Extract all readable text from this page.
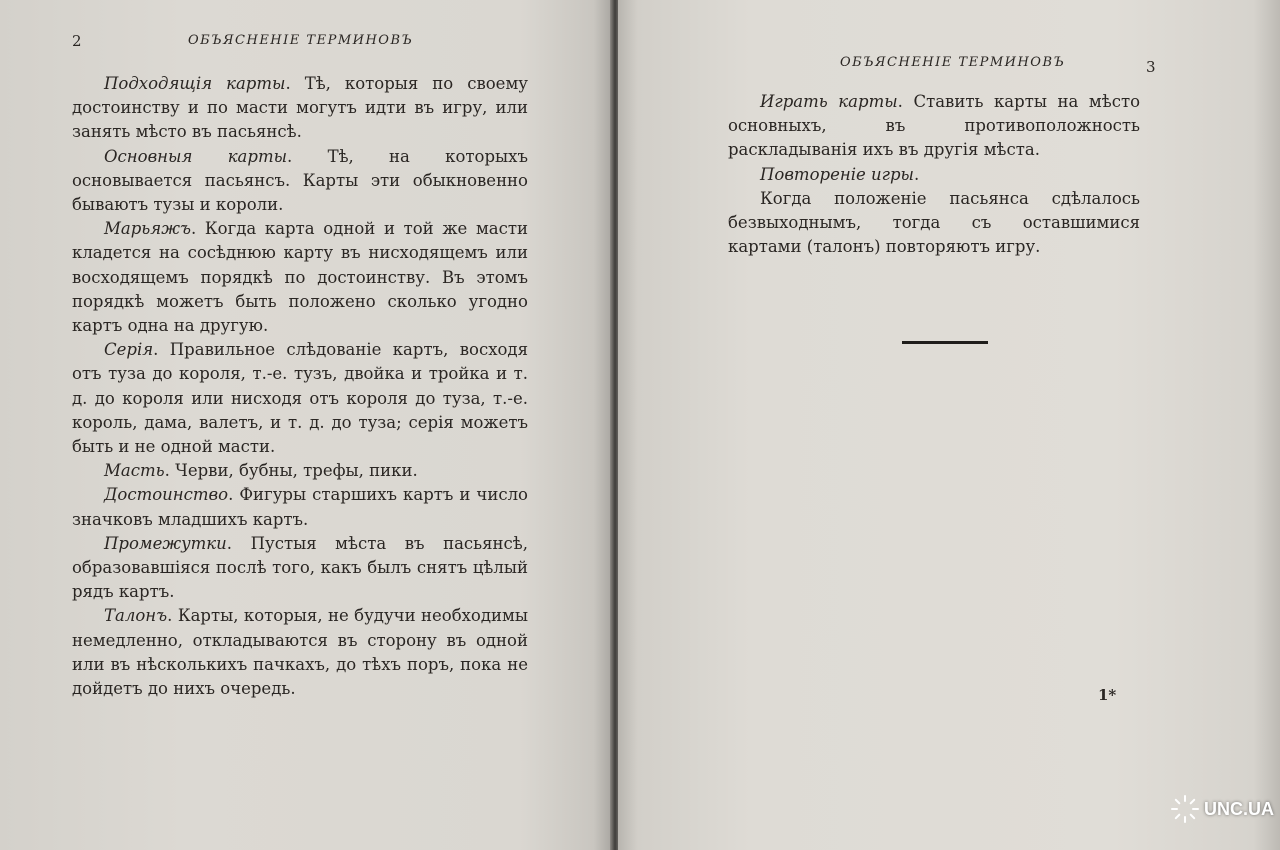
2	ОБЪЯСНЕНIЕ ТЕРМИНОВЪ

Подходящiя карты. Тѣ, которыя по своему достоинству и по масти могутъ идти въ игру, или занять мѣсто въ пасьянсѣ.

Основныя карты. Тѣ, на которыхъ основывается пасьянсъ. Карты эти обыкновенно бываютъ тузы и короли.

Марьяжъ. Когда карта одной и той же масти кладется на сосѣднюю карту въ нисходящемъ или восходящемъ порядкѣ по достоинству. Въ этомъ порядкѣ можетъ быть положено сколько угодно картъ одна на другую.

Серiя. Правильное слѣдованiе картъ, восходя отъ туза до короля, т.-е. тузъ, двойка и тройка и т. д. до короля или нисходя отъ короля до туза, т.-е. король, дама, валетъ, и т. д. до туза; серiя можетъ быть и не одной масти.

Масть. Черви, бубны, трефы, пики.

Достоинство. Фигуры старшихъ картъ и число значковъ младшихъ картъ.

Промежутки. Пустыя мѣста въ пасьянсѣ, образовавшiяся послѣ того, какъ былъ снятъ цѣлый рядъ картъ.

Талонъ. Карты, которыя, не будучи необходимы немедленно, откладываются въ сторону въ одной или въ нѣсколькихъ пачкахъ, до тѣхъ поръ, пока не дойдетъ до нихъ очередь.

ОБЪЯСНЕНIЕ ТЕРМИНОВЪ	3

Играть карты. Ставить карты на мѣсто основныхъ, въ противоположность раскладыванiя ихъ въ другiя мѣста.

Повторенiе игры.

Когда положенiе пасьянса сдѣлалось безвыходнымъ, тогда съ оставшимися картами (талонъ) повторяютъ игру.

1*
UNC.UA
